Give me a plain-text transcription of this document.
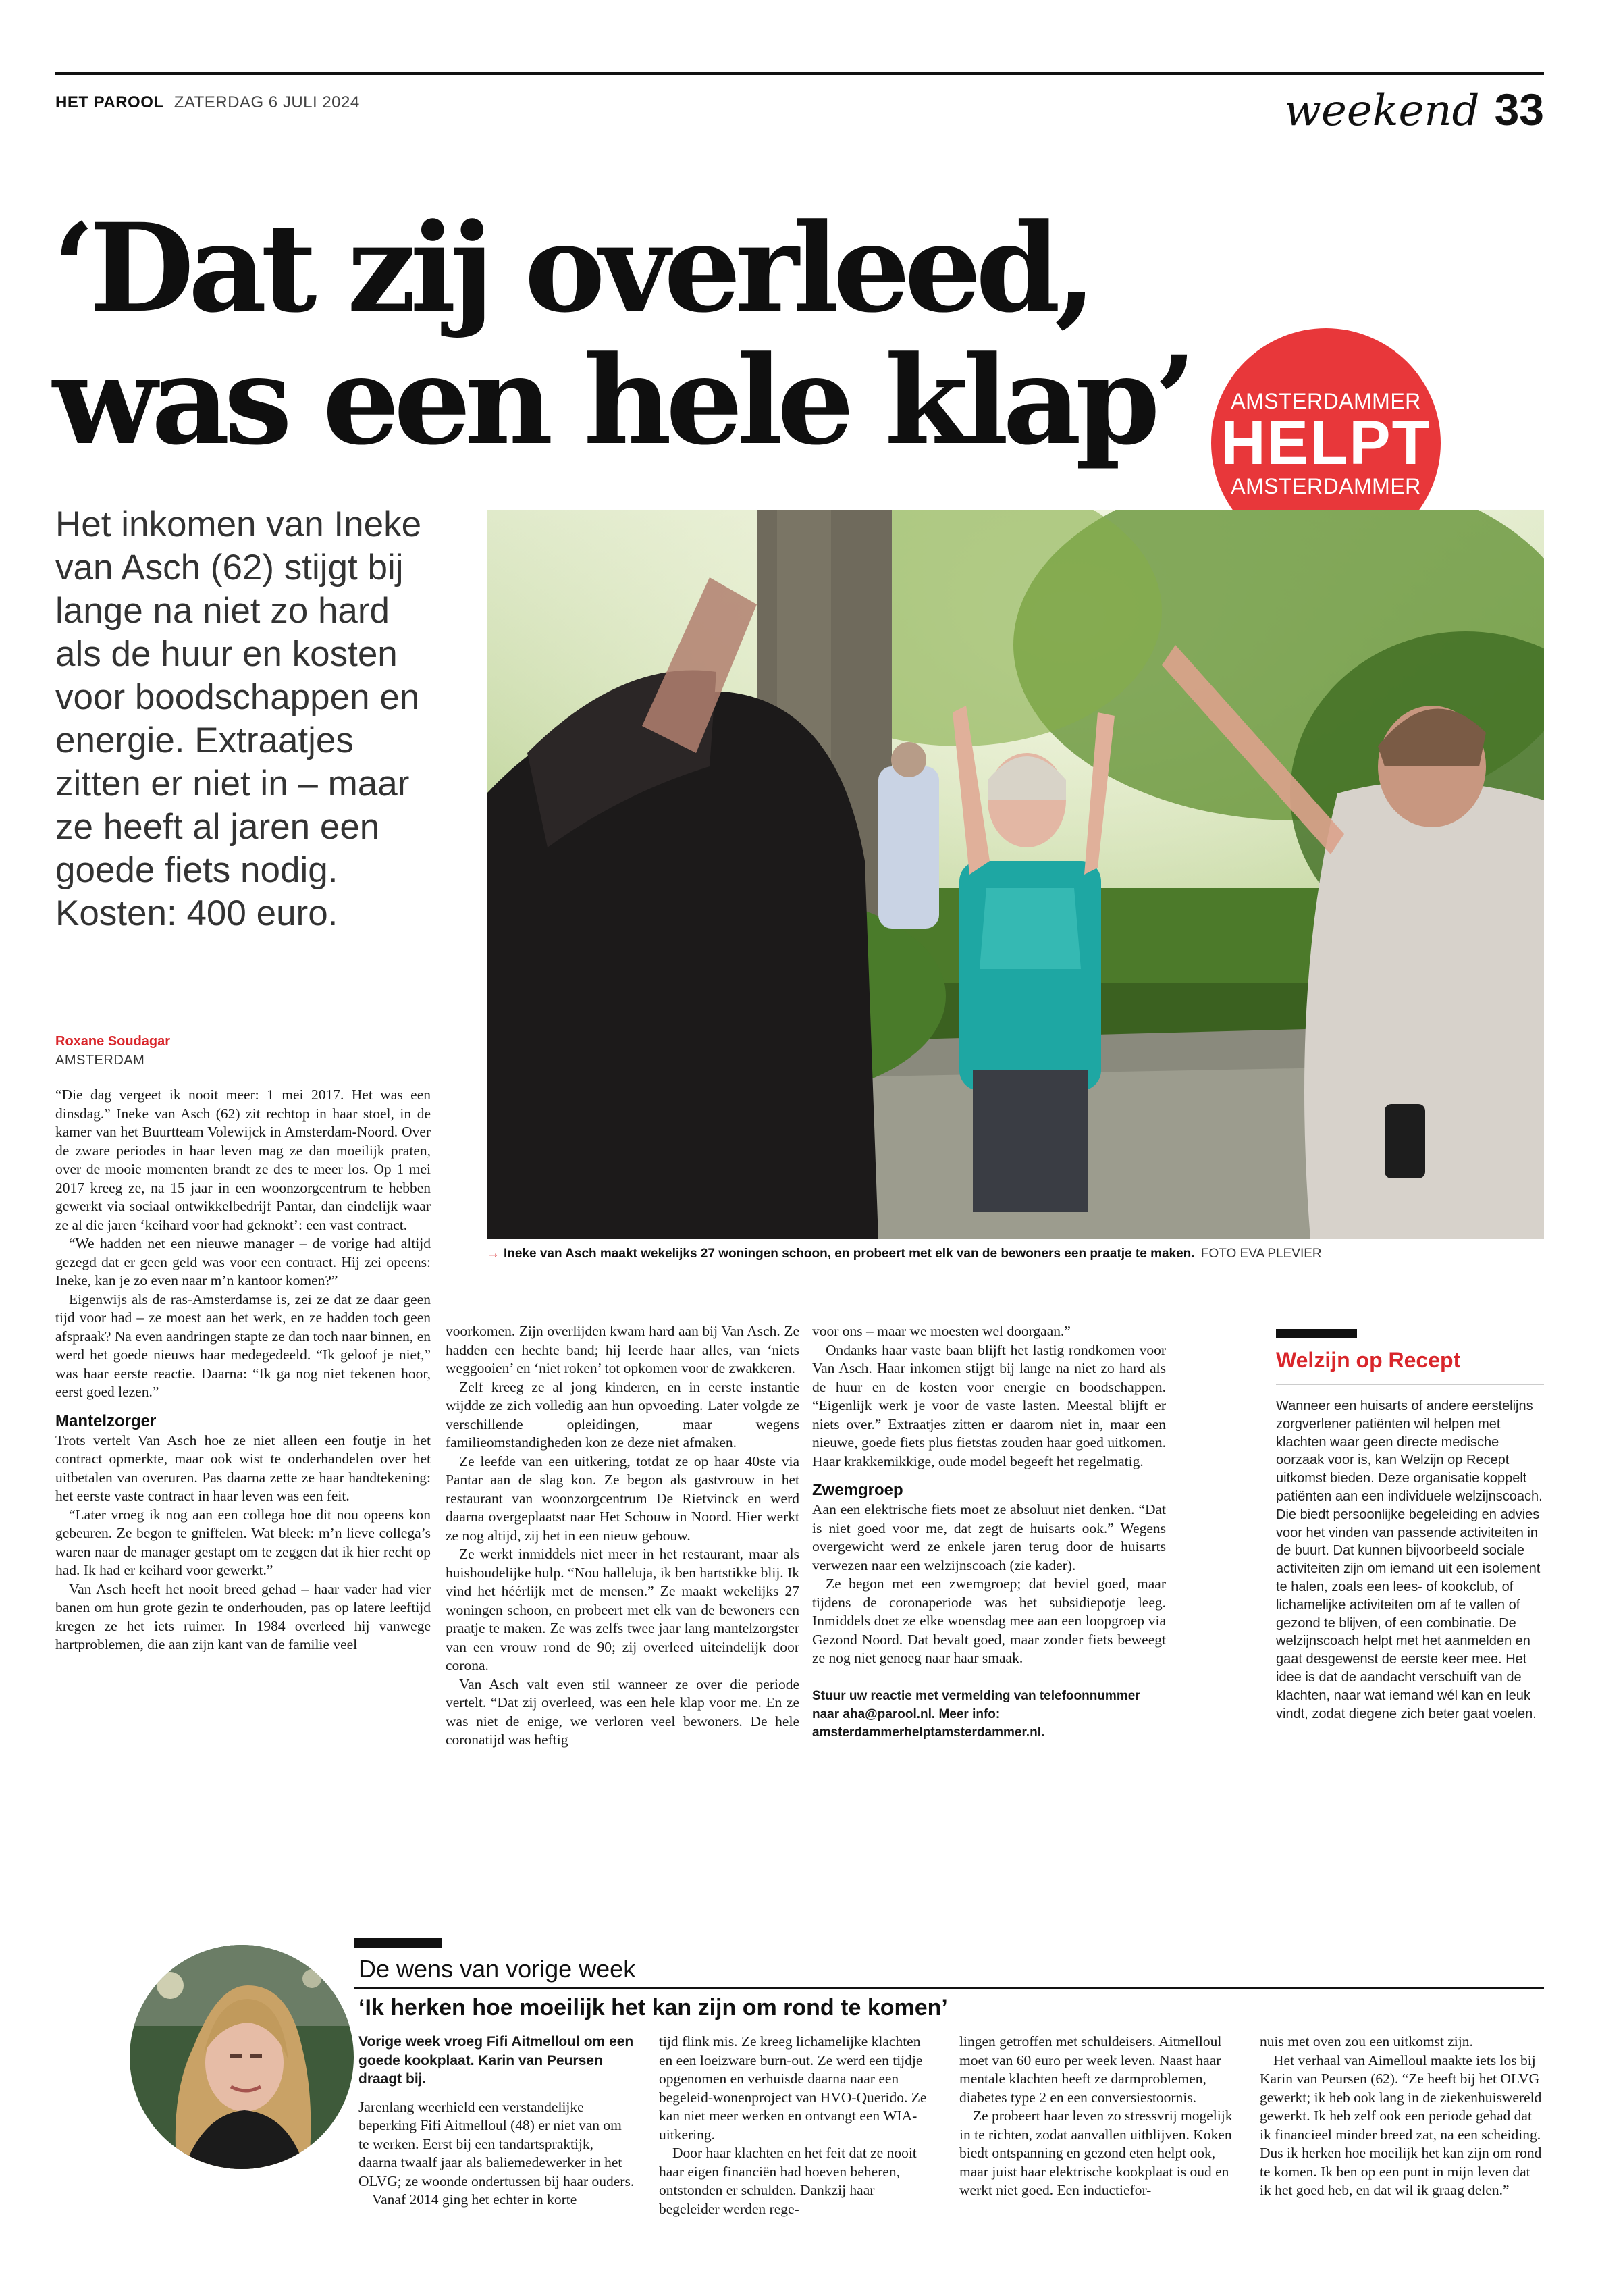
HET PAROOL ZATERDAG 6 JULI 2024	weekend 33
‘Dat zij overleed,
was een hele klap’	AMSTERDAMMER
HELPT
AMSTERDAMMER

Het inkomen van Ineke van Asch (62) stijgt bij lange na niet zo hard als de huur en kosten voor boodschappen en energie. Extraatjes zitten er niet in – maar ze heeft al jaren een goede fiets nodig. Kosten: 400 euro.

→ Ineke van Asch maakt wekelijks 27 woningen schoon, en probeert met elk van de bewoners een praatje te maken. FOTO EVA PLEVIER
Roxane Soudagar
AMSTERDAM

“Die dag vergeet ik nooit meer: 1 mei 2017. Het was een dinsdag.” Ineke van Asch (62) zit rechtop in haar stoel, in de kamer van het Buurtteam Volewijck in Amsterdam-Noord. Over de zware periodes in haar leven mag ze dan moeilijk praten, over de mooie momenten brandt ze des te meer los. Op 1 mei 2017 kreeg ze, na 15 jaar in een woonzorgcentrum te hebben gewerkt via sociaal ontwikkelbedrijf Pantar, dan eindelijk waar ze al die jaren ‘keihard voor had geknokt’: een vast contract.

“We hadden net een nieuwe manager – de vorige had altijd gezegd dat er geen geld was voor een contract. Hij zei opeens: Ineke, kan je zo even naar m’n kantoor komen?”

Eigenwijs als de ras-Amsterdamse is, zei ze dat ze daar geen tijd voor had – ze moest aan het werk, en ze hadden toch geen afspraak? Na even aandringen stapte ze dan toch naar binnen, en werd het goede nieuws haar medegedeeld. “Ik geloof je niet,” was haar eerste reactie. Daarna: “Ik ga nog niet tekenen hoor, eerst goed lezen.”

Mantelzorger

Trots vertelt Van Asch hoe ze niet alleen een foutje in het contract opmerkte, maar ook wist te onderhandelen over het uitbetalen van overuren. Pas daarna zette ze haar handtekening: het eerste vaste contract in haar leven was een feit.

“Later vroeg ik nog aan een collega hoe dit nou opeens kon gebeuren. Ze begon te gniffelen. Wat bleek: m’n lieve collega’s waren naar de manager gestapt om te zeggen dat ik hier recht op had. Ik had er keihard voor gewerkt.”

Van Asch heeft het nooit breed gehad – haar vader had vier banen om hun grote gezin te onderhouden, pas op latere leeftijd kregen ze het iets ruimer. In 1984 overleed hij vanwege hartproblemen, die aan zijn kant van de familie veel

voorkomen. Zijn overlijden kwam hard aan bij Van Asch. Ze hadden een hechte band; hij leerde haar alles, van ‘niets weggooien’ en ‘niet roken’ tot opkomen voor de zwakkeren.

Zelf kreeg ze al jong kinderen, en in eerste instantie wijdde ze zich volledig aan hun opvoeding. Later volgde ze verschillende opleidingen, maar wegens familieomstandigheden kon ze deze niet afmaken.

Ze leefde van een uitkering, totdat ze op haar 40ste via Pantar aan de slag kon. Ze begon als gastvrouw in het restaurant van woonzorgcentrum De Rietvinck en werd daarna overgeplaatst naar Het Schouw in Noord. Hier werkt ze nog altijd, zij het in een nieuw gebouw.

Ze werkt inmiddels niet meer in het restaurant, maar als huishoudelijke hulp. “Nou halleluja, ik ben hartstikke blij. Ik vind het héérlijk met de mensen.” Ze maakt wekelijks 27 woningen schoon, en probeert met elk van de bewoners een praatje te maken. Ze was zelfs twee jaar lang mantelzorgster van een vrouw rond de 90; zij overleed uiteindelijk door corona.

Van Asch valt even stil wanneer ze over die periode vertelt. “Dat zij overleed, was een hele klap voor me. En ze was niet de enige, we verloren veel bewoners. De hele coronatijd was heftig

voor ons – maar we moesten wel doorgaan.”

Ondanks haar vaste baan blijft het lastig rondkomen voor Van Asch. Haar inkomen stijgt bij lange na niet zo hard als de huur en de kosten voor energie en boodschappen. “Eigenlijk werk je voor de vaste lasten. Meestal blijft er niets over.” Extraatjes zitten er daarom niet in, maar een nieuwe, goede fiets plus fietstas zouden haar goed uitkomen. Haar krakkemikkige, oude model begeeft het regelmatig.

Zwemgroep

Aan een elektrische fiets moet ze absoluut niet denken. “Dat is niet goed voor me, dat zegt de huisarts ook.” Wegens overgewicht werd ze enkele jaren terug door de huisarts verwezen naar een welzijnscoach (zie kader).

Ze begon met een zwemgroep; dat beviel goed, maar tijdens de coronaperiode was het subsidiepotje leeg. Inmiddels doet ze elke woensdag mee aan een loopgroep via Gezond Noord. Dat bevalt goed, maar zonder fiets beweegt ze nog niet genoeg naar haar smaak.

Stuur uw reactie met vermelding van telefoonnummer naar aha@parool.nl. Meer info: amsterdammerhelptamsterdammer.nl.

Welzijn op Recept

Wanneer een huisarts of andere eerstelijns zorgverlener patiënten wil helpen met klachten waar geen directe medische oorzaak voor is, kan Welzijn op Recept uitkomst bieden. Deze organisatie koppelt patiënten aan een individuele welzijnscoach. Die biedt persoonlijke begeleiding en advies voor het vinden van passende activiteiten in de buurt. Dat kunnen bijvoorbeeld sociale activiteiten zijn om iemand uit een isolement te halen, zoals een lees- of kookclub, of lichamelijke activiteiten om af te vallen of gezond te blijven, of een combinatie. De welzijnscoach helpt met het aanmelden en gaat desgewenst de eerste keer mee. Het idee is dat de aandacht verschuift van de klachten, naar wat iemand wél kan en leuk vindt, zodat diegene zich beter gaat voelen.

De wens van vorige week
‘Ik herken hoe moeilijk het kan zijn om rond te komen’

Vorige week vroeg Fifi Aitmelloul om een goede kookplaat. Karin van Peursen draagt bij.

Jarenlang weerhield een verstandelijke beperking Fifi Aitmelloul (48) er niet van om te werken. Eerst bij een tandartspraktijk, daarna twaalf jaar als baliemedewerker in het OLVG; ze woonde ondertussen bij haar ouders.

Vanaf 2014 ging het echter in korte

tijd flink mis. Ze kreeg lichamelijke klachten en een loeizware burn-out. Ze werd een tijdje opgenomen en verhuisde daarna naar een begeleid-wonenproject van HVO-Querido. Ze kan niet meer werken en ontvangt een WIA-uitkering.

Door haar klachten en het feit dat ze nooit haar eigen financiën had hoeven beheren, ontstonden er schulden. Dankzij haar begeleider werden rege-

lingen getroffen met schuldeisers. Aitmelloul moet van 60 euro per week leven. Naast haar mentale klachten heeft ze darmproblemen, diabetes type 2 en een conversiestoornis.

Ze probeert haar leven zo stressvrij mogelijk in te richten, zodat aanvallen uitblijven. Koken biedt ontspanning en gezond eten helpt ook, maar juist haar elektrische kookplaat is oud en werkt niet goed. Een inductiefor-

nuis met oven zou een uitkomst zijn.

Het verhaal van Aimelloul maakte iets los bij Karin van Peursen (62). “Ze heeft bij het OLVG gewerkt; ik heb ook lang in de ziekenhuiswereld gewerkt. Ik heb zelf ook een periode gehad dat ik financieel minder breed zat, na een scheiding. Dus ik herken hoe moeilijk het kan zijn om rond te komen. Ik ben op een punt in mijn leven dat ik het goed heb, en dat wil ik graag delen.”
